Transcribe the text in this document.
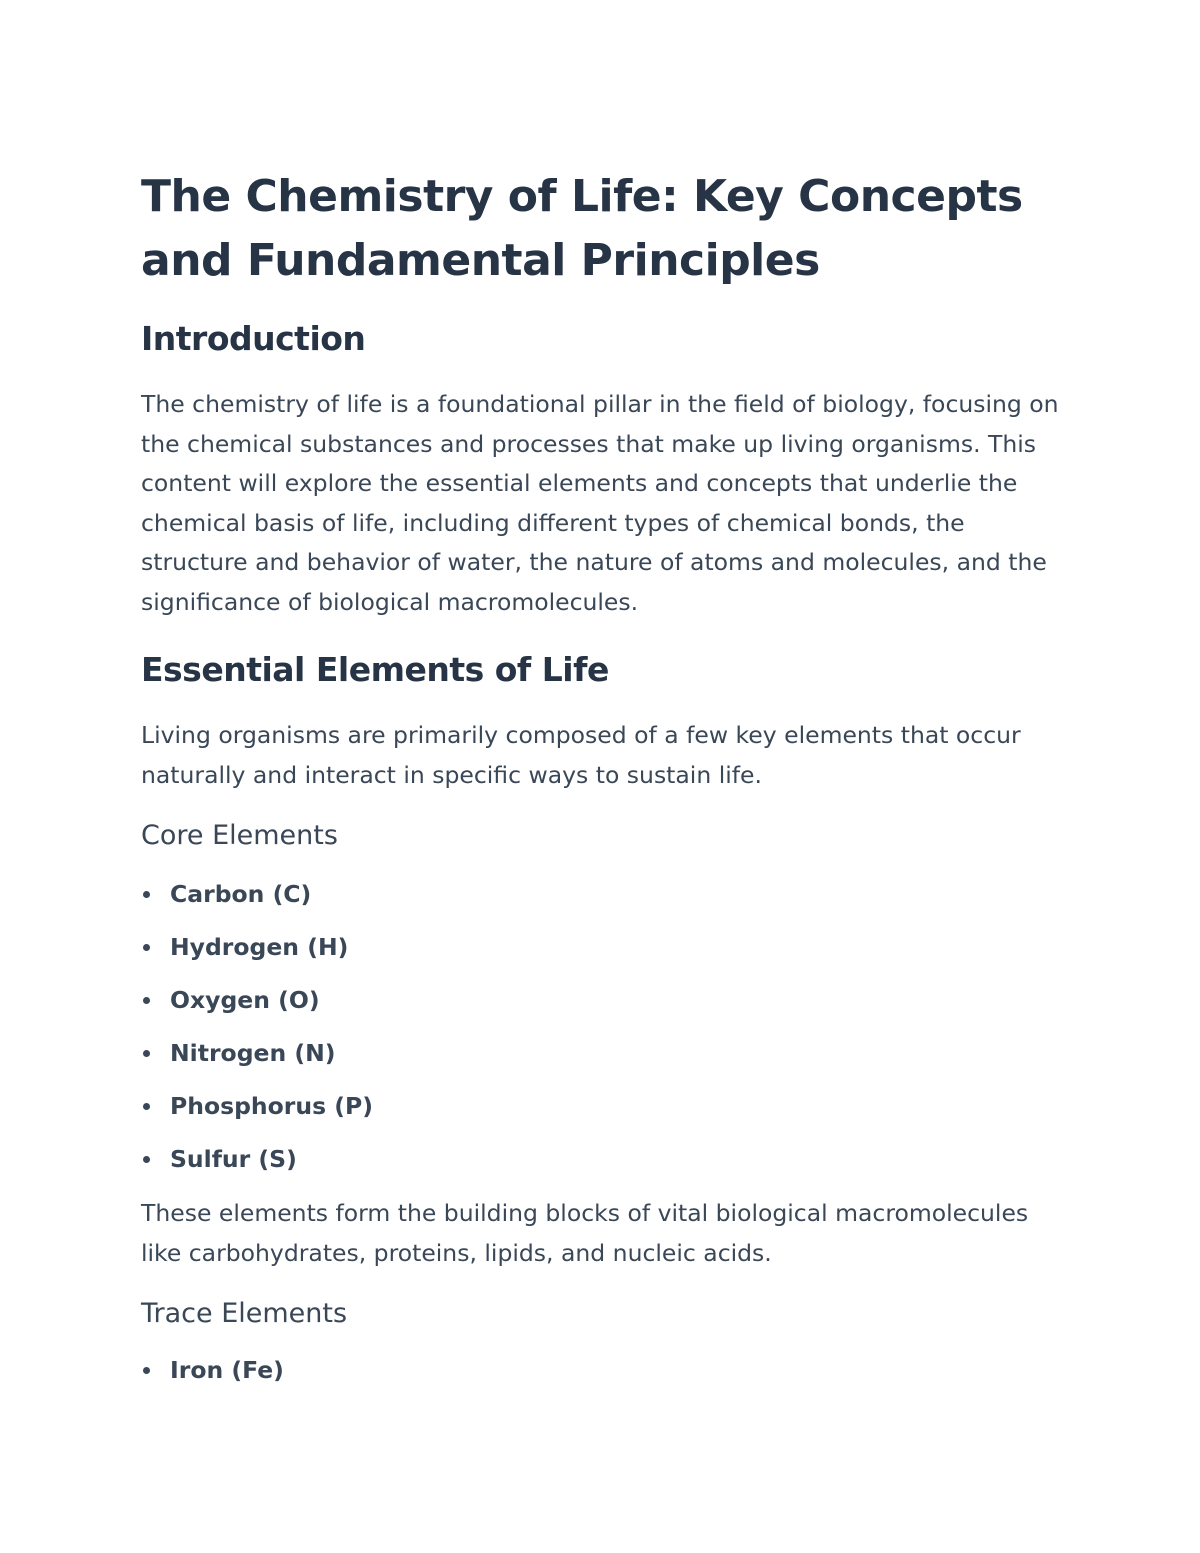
The Chemistry of Life: Key Concepts and Fundamental Principles
Introduction

The chemistry of life is a foundational pillar in the field of biology, focusing on the chemical substances and processes that make up living organisms. This content will explore the essential elements and concepts that underlie the chemical basis of life, including different types of chemical bonds, the structure and behavior of water, the nature of atoms and molecules, and the significance of biological macromolecules.

Essential Elements of Life

Living organisms are primarily composed of a few key elements that occur naturally and interact in specific ways to sustain life.

Core Elements
Carbon (C)
Hydrogen (H)
Oxygen (O)
Nitrogen (N)
Phosphorus (P)
Sulfur (S)

These elements form the building blocks of vital biological macromolecules like carbohydrates, proteins, lipids, and nucleic acids.

Trace Elements
Iron (Fe)
